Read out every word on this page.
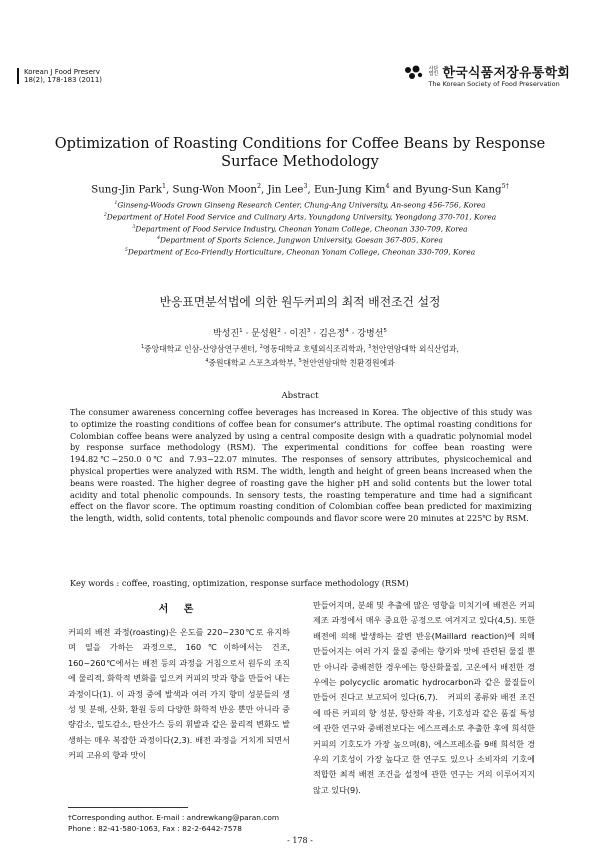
Korean J Food Preserv
18(2), 178-183 (2011)
사단법인 한국식품저장유통학회
The Korean Society of Food Preservation
Optimization of Roasting Conditions for Coffee Beans by Response Surface Methodology
Sung-Jin Park$^1$, Sung-Won Moon$^2$, Jin Lee$^3$, Eun-Jung Kim$^4$ and Byung-Sun Kang$^{5\dagger}$
$^1$Ginseng-Woods Grown Ginseng Research Center, Chung-Ang University, An-seong 456-756, Korea
$^2$Department of Hotel Food Service and Culinary Arts, Youngdong University, Yeongdong 370-701, Korea
$^3$Department of Food Service Industry, Cheonan Yonam College, Cheonan 330-709, Korea
$^4$Department of Sports Science, Jungwon University, Goesan 367-805, Korea
$^5$Department of Eco-Friendly Horticulture, Cheonan Yonam College, Cheonan 330-709, Korea
반응표면분석법에 의한 원두커피의 최적 배전조건 설정
박성진$^1$ · 문성원$^2$ · 이진$^3$ · 김은정$^4$ · 강병선$^5$
$^1$중앙대학교 인삼-산양삼연구센터, $^2$영동대학교 호텔외식조리학과, $^3$천안연암대학 외식산업과,
$^4$중원대학교 스포츠과학부, $^5$천안연암대학 친환경원예과
Abstract
The consumer awareness concerning coffee beverages has increased in Korea. The objective of this study was to optimize the roasting conditions of coffee bean for consumer's attribute. The optimal roasting conditions for Colombian coffee beans were analyzed by using a central composite design with a quadratic polynomial model by response surface methodology (RSM). The experimental conditions for coffee bean roasting were 194.82℃~250.0 0℃ and 7.93~22.07 minutes. The responses of sensory attributes, physicochemical and physical properties were analyzed with RSM. The width, length and height of green beans increased when the beans were roasted. The higher degree of roasting gave the higher pH and solid contents but the lower total acidity and total phenolic compounds. In sensory tests, the roasting temperature and time had a significant effect on the flavor score. The optimum roasting condition of Colombian coffee bean predicted for maximizing the length, width, solid contents, total phenolic compounds and flavor score were 20 minutes at 225℃ by RSM.
Key words : coffee, roasting, optimization, response surface methodology (RSM)
서 론
커피의 배전 과정(roasting)은 온도를 220~230℃로 유지하며 열을 가하는 과정으로, 160℃이하에서는 건조, 160~260℃에서는 배전 등의 과정을 거침으로서 원두의 조직에 물리적, 화학적 변화를 일으켜 커피의 맛과 향을 만들어 내는 과정이다(1). 이 과정 중에 발색과 여러 가지 향미 성분들의 생성 및 분해, 산화, 환원 등의 다양한 화학적 반응 뿐만 아니라 중량감소, 밀도감소, 탄산가스 등의 휘발과 같은 물리적 변화도 발생하는 매우 복잡한 과정이다(2,3). 배전 과정을 거치게 되면서 커피 고유의 향과 맛이
만들어지며, 분쇄 및 추출에 많은 영향을 미치기에 배전은 커피 제조 과정에서 매우 중요한 공정으로 여겨지고 있다(4,5). 또한 배전에 의해 발생하는 갈변 반응(Maillard reaction)에 의해 만들어지는 여러 가지 물질 중에는 향기와 맛에 관련된 물질 뿐만 아니라 중배전한 경우에는 항산화물질, 고온에서 배전한 경우에는 polycyclic aromatic hydrocarbon과 같은 물질들이 만들어 진다고 보고되어 있다(6,7).   커피의 종류와 배전 조건에 따른 커피의 향 성분, 항산화 작용, 기호성과 같은 품질 특성에 관한 연구와 중배전보다는 에스프레소로 추출한 후에 희석한 커피의 기호도가 가장 높으며(8), 에스프레소를 9배 희석한 경우의 기호성이 가장 높다고 한 연구도 있으나 소비자의 기호에 적합한 최적 배전 조건을 설정에 관한 연구는 거의 이루어지지 않고 있다(9).
†Corresponding author. E-mail : andrewkang@paran.com
Phone : 82-41-580-1063, Fax : 82-2-6442-7578
- 178 -
